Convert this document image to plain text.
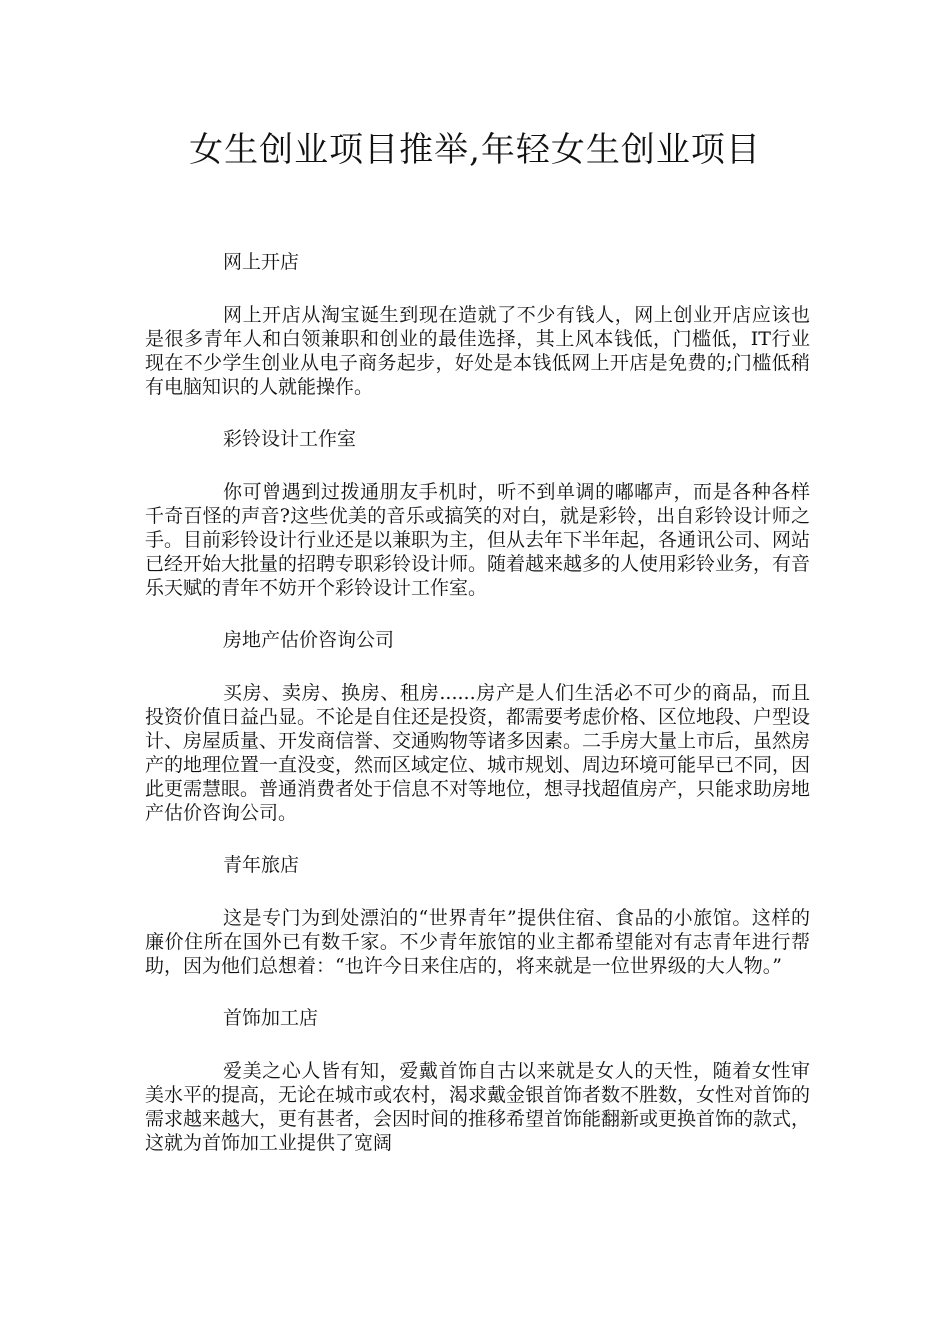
女生创业项目推举,年轻女生创业项目

网上开店

网上开店从淘宝诞生到现在造就了不少有钱人，网上创业开店应该也是很多青年人和白领兼职和创业的最佳选择，其上风本钱低，门槛低，IT行业现在不少学生创业从电子商务起步，好处是本钱低网上开店是免费的;门槛低稍有电脑知识的人就能操作。

彩铃设计工作室

你可曾遇到过拨通朋友手机时，听不到单调的嘟嘟声，而是各种各样千奇百怪的声音?这些优美的音乐或搞笑的对白，就是彩铃，出自彩铃设计师之手。目前彩铃设计行业还是以兼职为主，但从去年下半年起，各通讯公司、网站已经开始大批量的招聘专职彩铃设计师。随着越来越多的人使用彩铃业务，有音乐天赋的青年不妨开个彩铃设计工作室。

房地产估价咨询公司

买房、卖房、换房、租房......房产是人们生活必不可少的商品，而且投资价值日益凸显。不论是自住还是投资，都需要考虑价格、区位地段、户型设计、房屋质量、开发商信誉、交通购物等诸多因素。二手房大量上市后，虽然房产的地理位置一直没变，然而区域定位、城市规划、周边环境可能早已不同，因此更需慧眼。普通消费者处于信息不对等地位，想寻找超值房产，只能求助房地产估价咨询公司。

青年旅店

这是专门为到处漂泊的“世界青年”提供住宿、食品的小旅馆。这样的廉价住所在国外已有数千家。不少青年旅馆的业主都希望能对有志青年进行帮助，因为他们总想着：“也许今日来住店的，将来就是一位世界级的大人物。”

首饰加工店

爱美之心人皆有知，爱戴首饰自古以来就是女人的天性，随着女性审美水平的提高，无论在城市或农村，渴求戴金银首饰者数不胜数，女性对首饰的需求越来越大，更有甚者，会因时间的推移希望首饰能翻新或更换首饰的款式，这就为首饰加工业提供了宽阔
